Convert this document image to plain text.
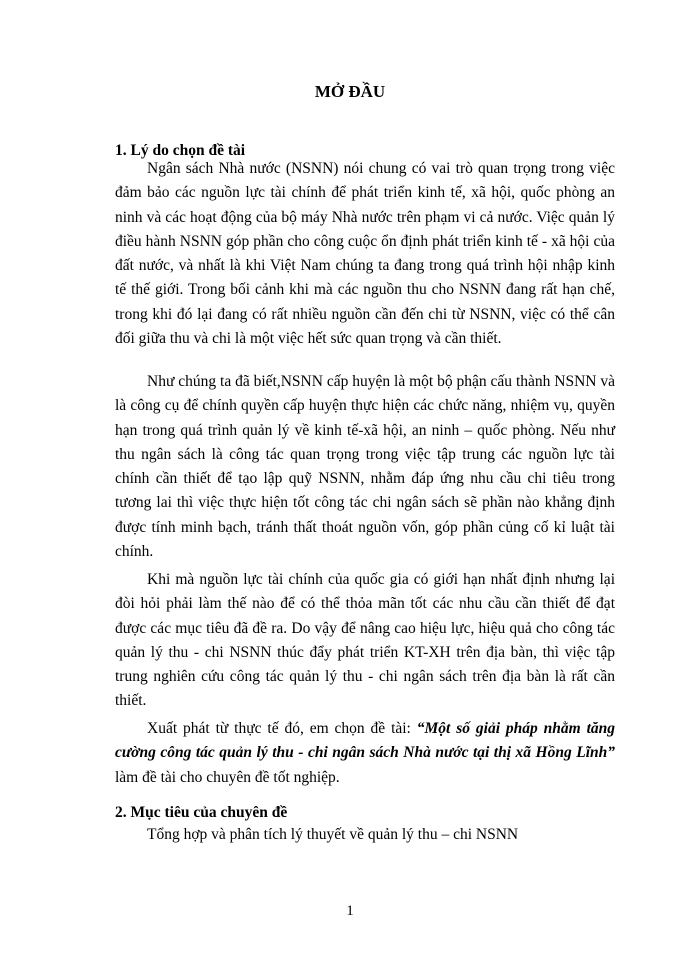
MỞ ĐẦU
1. Lý do chọn đề tài

Ngân sách Nhà nước (NSNN) nói chung có vai trò quan trọng trong việc đảm bảo các nguồn lực tài chính để phát triển kinh tế, xã hội, quốc phòng an ninh và các hoạt động của bộ máy Nhà nước trên phạm vi cả nước. Việc quản lý điều hành NSNN góp phần cho công cuộc ổn định phát triển kinh tế - xã hội của đất nước, và nhất là khi Việt Nam chúng ta đang trong quá trình hội nhập kinh tế thế giới. Trong bối cảnh khi mà các nguồn thu cho NSNN đang rất hạn chế, trong khi đó lại đang có rất nhiều nguồn cần đến chi từ NSNN, việc có thể cân đối giữa thu và chi là một việc hết sức quan trọng và cần thiết.

Như chúng ta đã biết,NSNN cấp huyện là một bộ phận cấu thành NSNN và là công cụ để chính quyền cấp huyện thực hiện các chức năng, nhiệm vụ, quyền hạn trong quá trình quản lý về kinh tế-xã hội, an ninh – quốc phòng. Nếu như thu ngân sách là công tác quan trọng trong việc tập trung các nguồn lực tài chính cần thiết để tạo lập quỹ NSNN, nhằm đáp ứng nhu cầu chi tiêu trong tương lai thì việc thực hiện tốt công tác chi ngân sách sẽ phần nào khẳng định được tính minh bạch, tránh thất thoát nguồn vốn, góp phần củng cố kỉ luật tài chính.

Khi mà nguồn lực tài chính của quốc gia có giới hạn nhất định nhưng lại đòi hỏi phải làm thế nào để có thể thỏa mãn tốt các nhu cầu cần thiết để đạt được các mục tiêu đã đề ra. Do vậy để nâng cao hiệu lực, hiệu quả cho công tác quản lý thu - chi NSNN thúc đẩy phát triển KT-XH trên địa bàn, thì việc tập trung nghiên cứu công tác quản lý thu - chi ngân sách trên địa bàn là rất cần thiết.

Xuất phát từ thực tế đó, em chọn đề tài: “Một số giải pháp nhằm tăng cường công tác quản lý thu - chi ngân sách Nhà nước tại thị xã Hồng Lĩnh” làm đề tài cho chuyên đề tốt nghiệp.

2. Mục tiêu của chuyên đề

Tổng hợp và phân tích lý thuyết về quản lý thu – chi NSNN

1
